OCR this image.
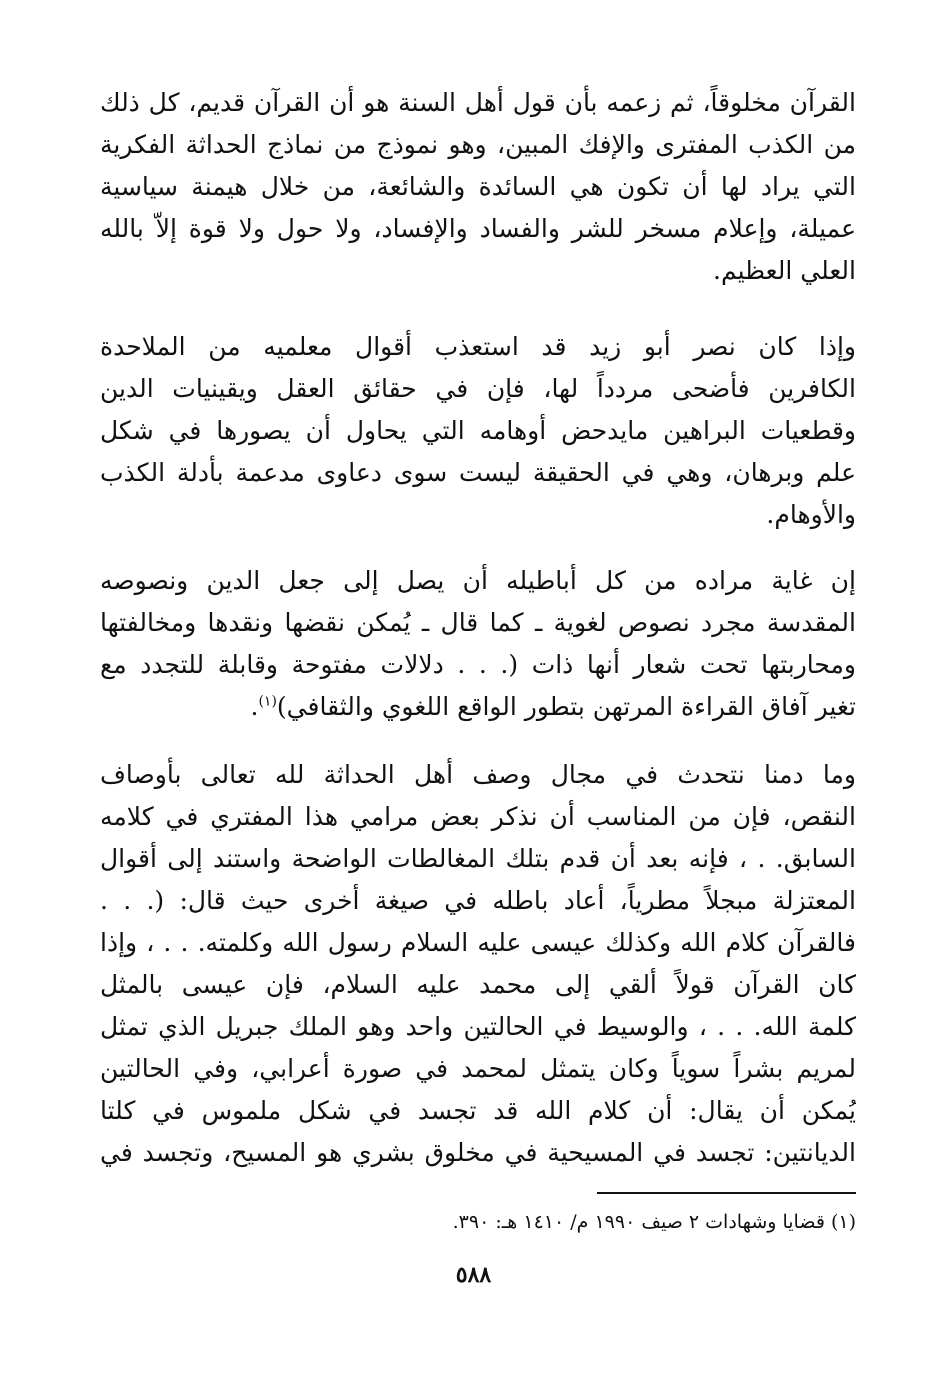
القرآن مخلوقاً، ثم زعمه بأن قول أهل السنة هو أن القرآن قديم، كل ذلك
من الكذب المفترى والإفك المبين، وهو نموذج من نماذج الحداثة الفكرية
التي يراد لها أن تكون هي السائدة والشائعة، من خلال هيمنة سياسية
عميلة، وإعلام مسخر للشر والفساد والإفساد، ولا حول ولا قوة إلاّ بالله
العلي العظيم.
وإذا كان نصر أبو زيد قد استعذب أقوال معلميه من الملاحدة
الكافرين فأضحى مردداً لها، فإن في حقائق العقل ويقينيات الدين
وقطعيات البراهين مايدحض أوهامه التي يحاول أن يصورها في شكل
علم وبرهان، وهي في الحقيقة ليست سوى دعاوى مدعمة بأدلة الكذب
والأوهام.
إن غاية مراده من كل أباطيله أن يصل إلى جعل الدين ونصوصه
المقدسة مجرد نصوص لغوية ـ كما قال ـ يُمكن نقضها ونقدها ومخالفتها
ومحاربتها تحت شعار أنها ذات (. . . دلالات مفتوحة وقابلة للتجدد مع
تغير آفاق القراءة المرتهن بتطور الواقع اللغوي والثقافي)$^{(١)}$.
وما دمنا نتحدث في مجال وصف أهل الحداثة لله تعالى بأوصاف
النقص، فإن من المناسب أن نذكر بعض مرامي هذا المفتري في كلامه
السابق. . ، فإنه بعد أن قدم بتلك المغالطات الواضحة واستند إلى أقوال
المعتزلة مبجلاً مطرياً، أعاد باطله في صيغة أخرى حيث قال: (. . .
فالقرآن كلام الله وكذلك عيسى عليه السلام رسول الله وكلمته. . . ، وإذا
كان القرآن قولاً ألقي إلى محمد عليه السلام، فإن عيسى بالمثل
كلمة الله. . . ، والوسيط في الحالتين واحد وهو الملك جبريل الذي تمثل
لمريم بشراً سوياً وكان يتمثل لمحمد في صورة أعرابي، وفي الحالتين
يُمكن أن يقال: أن كلام الله قد تجسد في شكل ملموس في كلتا
الديانتين: تجسد في المسيحية في مخلوق بشري هو المسيح، وتجسد في
(١) قضايا وشهادات ٢ صيف ١٩٩٠ م/ ١٤١٠ هـ: ٣٩٠.
٥٨٨
